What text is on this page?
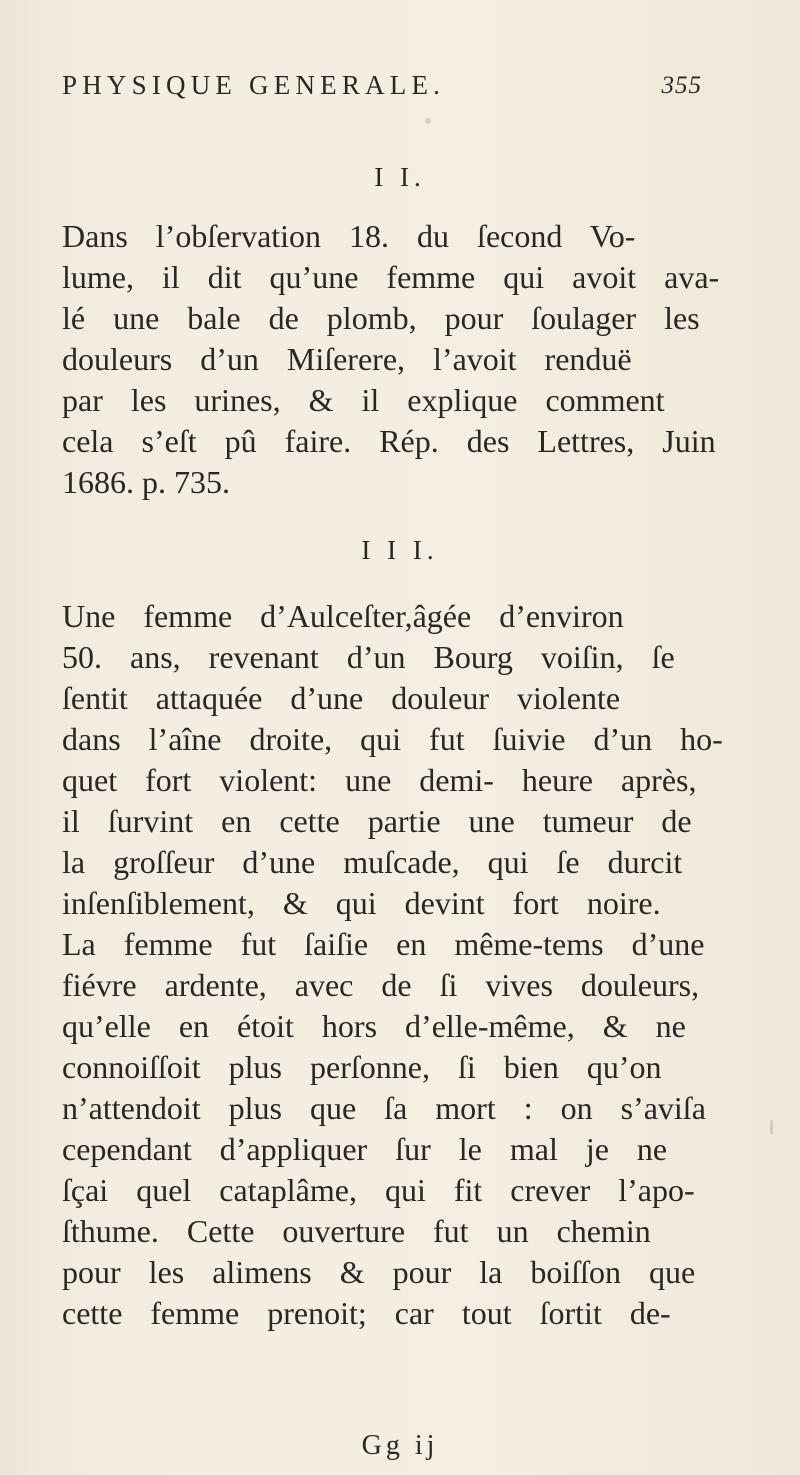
PHYSIQUE GENERALE.	355
I I.
Dans l’obſervation 18. du ſecond Vo-
lume, il dit qu’une femme qui avoit ava-
lé une bale de plomb, pour ſoulager les
douleurs d’un Miſerere, l’avoit renduë
par les urines, & il explique comment
cela s’eſt pû faire. Rép. des Lettres, Juin
1686. p. 735.
I I I.
Une femme d’Aulceſter,âgée d’environ
50. ans, revenant d’un Bourg voiſin, ſe
ſentit attaquée d’une douleur violente
dans l’aîne droite, qui fut ſuivie d’un ho-
quet fort violent: une demi- heure après,
il ſurvint en cette partie une tumeur de
la groſſeur d’une muſcade, qui ſe durcit
inſenſiblement, & qui devint fort noire.
La femme fut ſaiſie en même-tems d’une
fiévre ardente, avec de ſi vives douleurs,
qu’elle en étoit hors d’elle-même, & ne
connoiſſoit plus perſonne, ſi bien qu’on
n’attendoit plus que ſa mort : on s’aviſa
cependant d’appliquer ſur le mal je ne
ſçai quel cataplâme, qui fit crever l’apo-
ſthume. Cette ouverture fut un chemin
pour les alimens & pour la boiſſon que
cette femme prenoit; car tout ſortit de-
Gg ij
